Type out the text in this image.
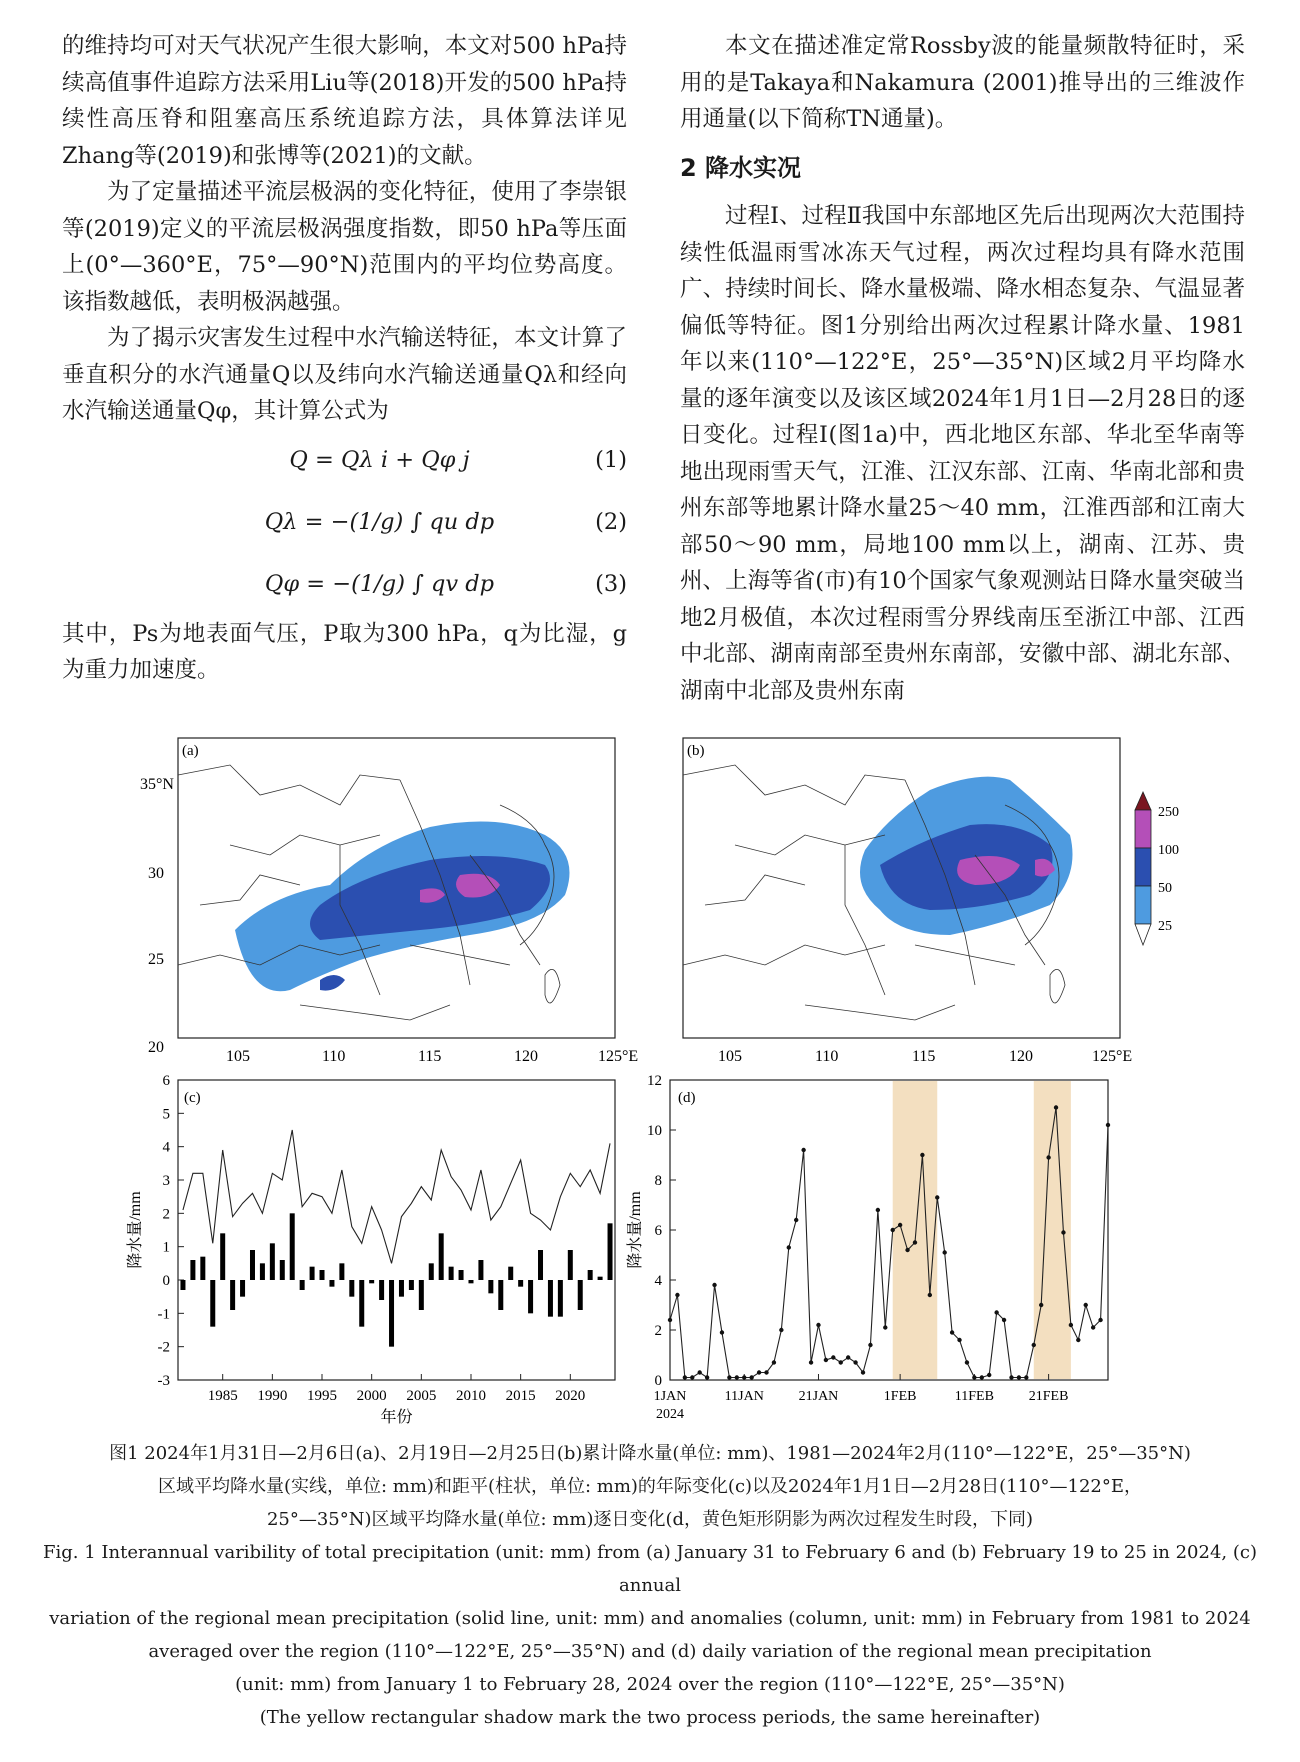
的维持均可对天气状况产生很大影响，本文对500 hPa持续高值事件追踪方法采用Liu等(2018)开发的500 hPa持续性高压脊和阻塞高压系统追踪方法，具体算法详见Zhang等(2019)和张博等(2021)的文献。

为了定量描述平流层极涡的变化特征，使用了李崇银等(2019)定义的平流层极涡强度指数，即50 hPa等压面上(0°—360°E，75°—90°N)范围内的平均位势高度。该指数越低，表明极涡越强。

为了揭示灾害发生过程中水汽输送特征，本文计算了垂直积分的水汽通量Q以及纬向水汽输送通量Qλ和经向水汽输送通量Qφ，其计算公式为

Q = Qλ i + Qφ j	(1)
Qλ = −(1/g) ∫ qu dp	(2)
Qφ = −(1/g) ∫ qv dp	(3)

其中，Ps为地表面气压，P取为300 hPa，q为比湿，g为重力加速度。

本文在描述准定常Rossby波的能量频散特征时，采用的是Takaya和Nakamura (2001)推导出的三维波作用通量(以下简称TN通量)。

2 降水实况

过程Ⅰ、过程Ⅱ我国中东部地区先后出现两次大范围持续性低温雨雪冰冻天气过程，两次过程均具有降水范围广、持续时间长、降水量极端、降水相态复杂、气温显著偏低等特征。图1分别给出两次过程累计降水量、1981年以来(110°—122°E，25°—35°N)区域2月平均降水量的逐年演变以及该区域2024年1月1日—2月28日的逐日变化。过程Ⅰ(图1a)中，西北地区东部、华北至华南等地出现雨雪天气，江淮、江汉东部、江南、华南北部和贵州东部等地累计降水量25～40 mm，江淮西部和江南大部50～90 mm，局地100 mm以上，湖南、江苏、贵州、上海等省(市)有10个国家气象观测站日降水量突破当地2月极值，本次过程雨雪分界线南压至浙江中部、江西中北部、湖南南部至贵州东南部，安徽中部、湖北东部、湖南中北部及贵州东南

(a)	(b)
35°N
30
25
20
105	110	115	120	125°E	105	110	115	120	125°E
250
100
50
25
-3
-2
-1
0
1
2
3
4
5
6
1985 1990 1995 2000 2005 2010 2015 2020
(c)
年份
降水量/mm
0
2
4
6
8
10
12
1JAN	11JAN 21JAN	1FEB	11FEB 21FEB
2024
(d)
降水量/mm

图1 2024年1月31日—2月6日(a)、2月19日—2月25日(b)累计降水量(单位: mm)、1981—2024年2月(110°—122°E，25°—35°N)

区域平均降水量(实线，单位: mm)和距平(柱状，单位: mm)的年际变化(c)以及2024年1月1日—2月28日(110°—122°E，

25°—35°N)区域平均降水量(单位: mm)逐日变化(d，黄色矩形阴影为两次过程发生时段，下同)

Fig. 1 Interannual varibility of total precipitation (unit: mm) from (a) January 31 to February 6 and (b) February 19 to 25 in 2024, (c) annual

variation of the regional mean precipitation (solid line, unit: mm) and anomalies (column, unit: mm) in February from 1981 to 2024

averaged over the region (110°—122°E, 25°—35°N) and (d) daily variation of the regional mean precipitation

(unit: mm) from January 1 to February 28, 2024 over the region (110°—122°E, 25°—35°N)

(The yellow rectangular shadow mark the two process periods, the same hereinafter)
